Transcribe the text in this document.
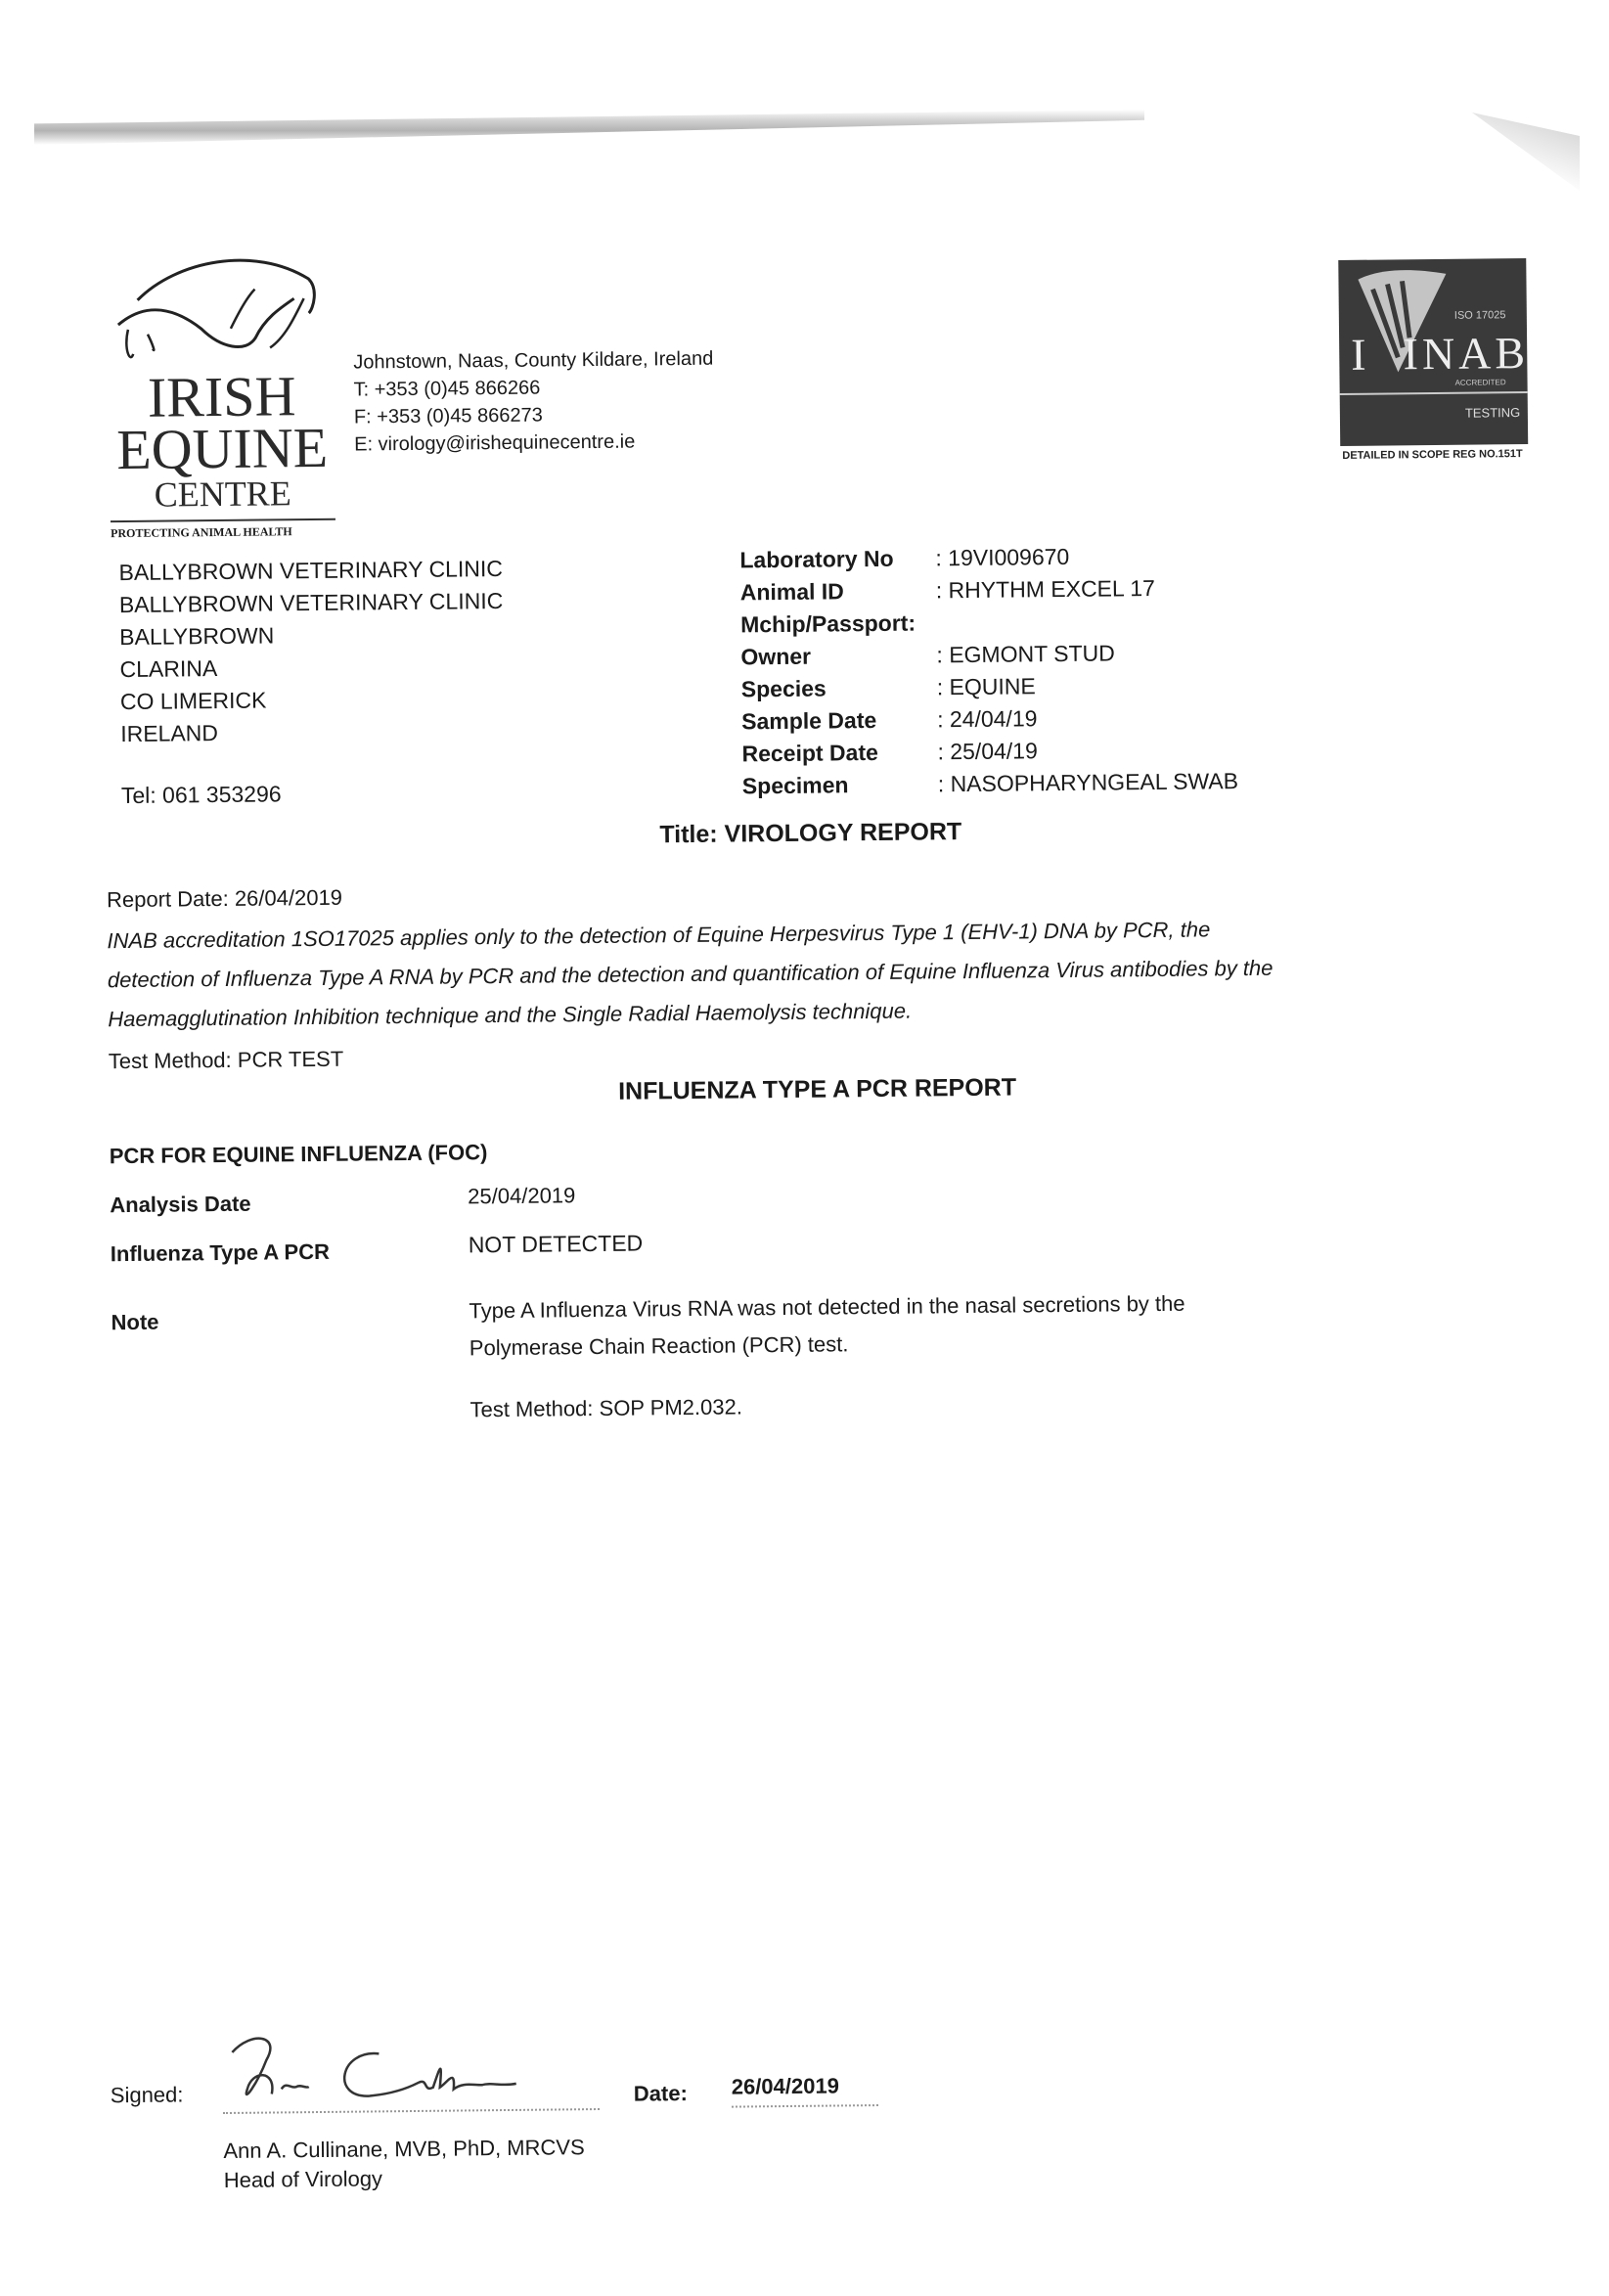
IRISH
EQUINE
CENTRE
PROTECTING ANIMAL HEALTH
Johnstown, Naas, County Kildare, Ireland
T: +353 (0)45 866266
F: +353 (0)45 866273
E: virology@irishequinecentre.ie
ISO 17025
I INAB
ACCREDITED
TESTING
DETAILED IN SCOPE REG NO.151T
BALLYBROWN VETERINARY CLINIC
BALLYBROWN VETERINARY CLINIC
BALLYBROWN
CLARINA
CO LIMERICK
IRELAND
Tel: 061 353296
Laboratory No : 19VI009670
Animal ID	: RHYTHM EXCEL 17
Mchip/Passport:
Owner	: EGMONT STUD
Species	: EQUINE
Sample Date	: 24/04/19
Receipt Date	: 25/04/19
Specimen	: NASOPHARYNGEAL SWAB
Title: VIROLOGY REPORT
Report Date: 26/04/2019
INAB accreditation 1SO17025 applies only to the detection of Equine Herpesvirus Type 1 (EHV-1) DNA by PCR, the
detection of Influenza Type A RNA by PCR and the detection and quantification of Equine Influenza Virus antibodies by the
Haemagglutination Inhibition technique and the Single Radial Haemolysis technique.
Test Method: PCR TEST
INFLUENZA TYPE A PCR REPORT
PCR FOR EQUINE INFLUENZA (FOC)
Analysis Date	25/04/2019
Influenza Type A PCR	NOT DETECTED
Note	Type A Influenza Virus RNA was not detected in the nasal secretions by the
Polymerase Chain Reaction (PCR) test.
Test Method: SOP PM2.032.
Signed:	Date: 26/04/2019
Ann A. Cullinane, MVB, PhD, MRCVS
Head of Virology
